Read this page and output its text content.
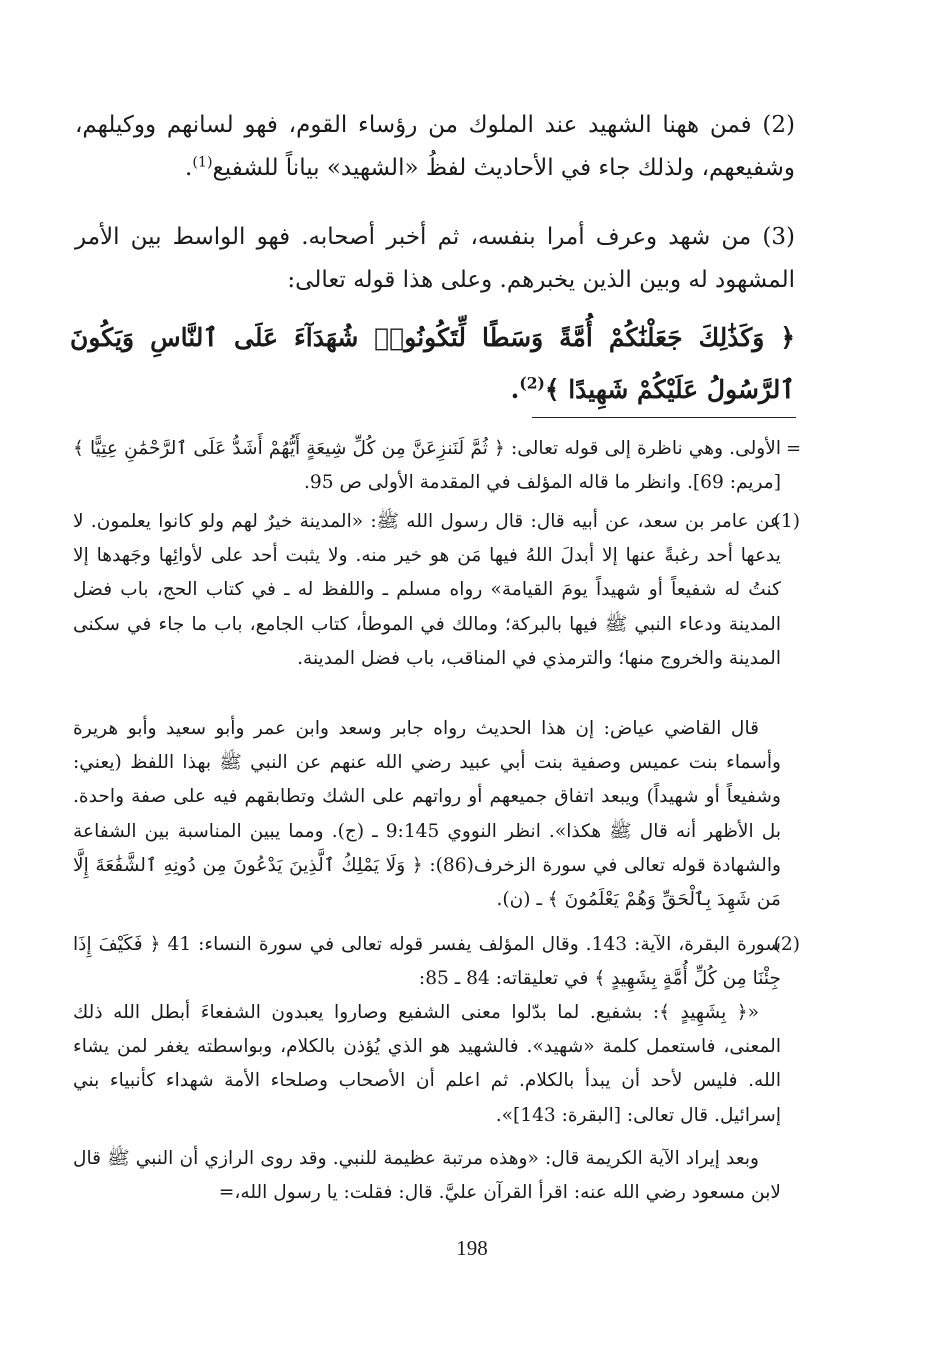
(2) فمن ههنا الشهيد عند الملوك من رؤساء القوم، فهو لسانهم ووكيلهم، وشفيعهم، ولذلك جاء في الأحاديث لفظُ «الشهيد» بياناً للشفيع$^{(1)}$.
(3) من شهد وعرف أمرا بنفسه، ثم أخبر أصحابه. فهو الواسط بين الأمر المشهود له وبين الذين يخبرهم. وعلى هذا قوله تعالى:
﴿ وَكَذَٰلِكَ جَعَلْنَٰكُمْ أُمَّةً وَسَطًا لِّتَكُونُوا۟ شُهَدَآءَ عَلَى ٱلنَّاسِ وَيَكُونَ ٱلرَّسُولُ عَلَيْكُمْ شَهِيدًا ﴾$^{(2)}$.
=
الأولى. وهي ناظرة إلى قوله تعالى: ﴿ ثُمَّ لَنَنزِعَنَّ مِن كُلِّ شِيعَةٍ أَيُّهُمْ أَشَدُّ عَلَى ٱلرَّحْمَٰنِ عِتِيًّا ﴾ [مريم: 69]. وانظر ما قاله المؤلف في المقدمة الأولى ص 95.
(1)
عن عامر بن سعد، عن أبيه قال: قال رسول الله ﷺ: «المدينة خيرٌ لهم ولو كانوا يعلمون. لا يدعها أحد رغبةً عنها إلا أبدلَ اللهُ فيها مَن هو خير منه. ولا يثبت أحد على لأوائِها وجَهدها إلا كنتُ له شفيعاً أو شهيداً يومَ القيامة» رواه مسلم ـ واللفظ له ـ في كتاب الحج، باب فضل المدينة ودعاء النبي ﷺ فيها بالبركة؛ ومالك في الموطأ، كتاب الجامع، باب ما جاء في سكنى المدينة والخروج منها؛ والترمذي في المناقب، باب فضل المدينة.
قال القاضي عياض: إن هذا الحديث رواه جابر وسعد وابن عمر وأبو سعيد وأبو هريرة وأسماء بنت عميس وصفية بنت أبي عبيد رضي الله عنهم عن النبي ﷺ بهذا اللفظ (يعني: وشفيعاً أو شهيداً) ويبعد اتفاق جميعهم أو رواتهم على الشك وتطابقهم فيه على صفة واحدة. بل الأظهر أنه قال ﷺ هكذا». انظر النووي 9:145 ـ (ج). ومما يبين المناسبة بين الشفاعة والشهادة قوله تعالى في سورة الزخرف(86): ﴿ وَلَا يَمْلِكُ ٱلَّذِينَ يَدْعُونَ مِن دُونِهِ ٱلشَّفَٰعَةَ إِلَّا مَن شَهِدَ بِٱلْحَقِّ وَهُمْ يَعْلَمُونَ ﴾ ـ (ن).
(2)
سورة البقرة، الآية: 143. وقال المؤلف يفسر قوله تعالى في سورة النساء: 41 ﴿ فَكَيْفَ إِذَا جِئْنَا مِن كُلِّ أُمَّةٍ بِشَهِيدٍ ﴾ في تعليقاته: 84 ـ 85:
«﴿ بِشَهِيدٍ ﴾: بشفيع. لما بدّلوا معنى الشفيع وصاروا يعبدون الشفعاءَ أبطل الله ذلك المعنى، فاستعمل كلمة «شهيد». فالشهيد هو الذي يُؤذن بالكلام، وبواسطته يغفر لمن يشاء الله. فليس لأحد أن يبدأ بالكلام. ثم اعلم أن الأصحاب وصلحاء الأمة شهداء كأنبياء بني إسرائيل. قال تعالى: [البقرة: 143]».
وبعد إيراد الآية الكريمة قال: «وهذه مرتبة عظيمة للنبي. وقد روى الرازي أن النبي ﷺ قال لابن مسعود رضي الله عنه: اقرأ القرآن عليَّ. قال: فقلت: يا رسول الله،=
198
